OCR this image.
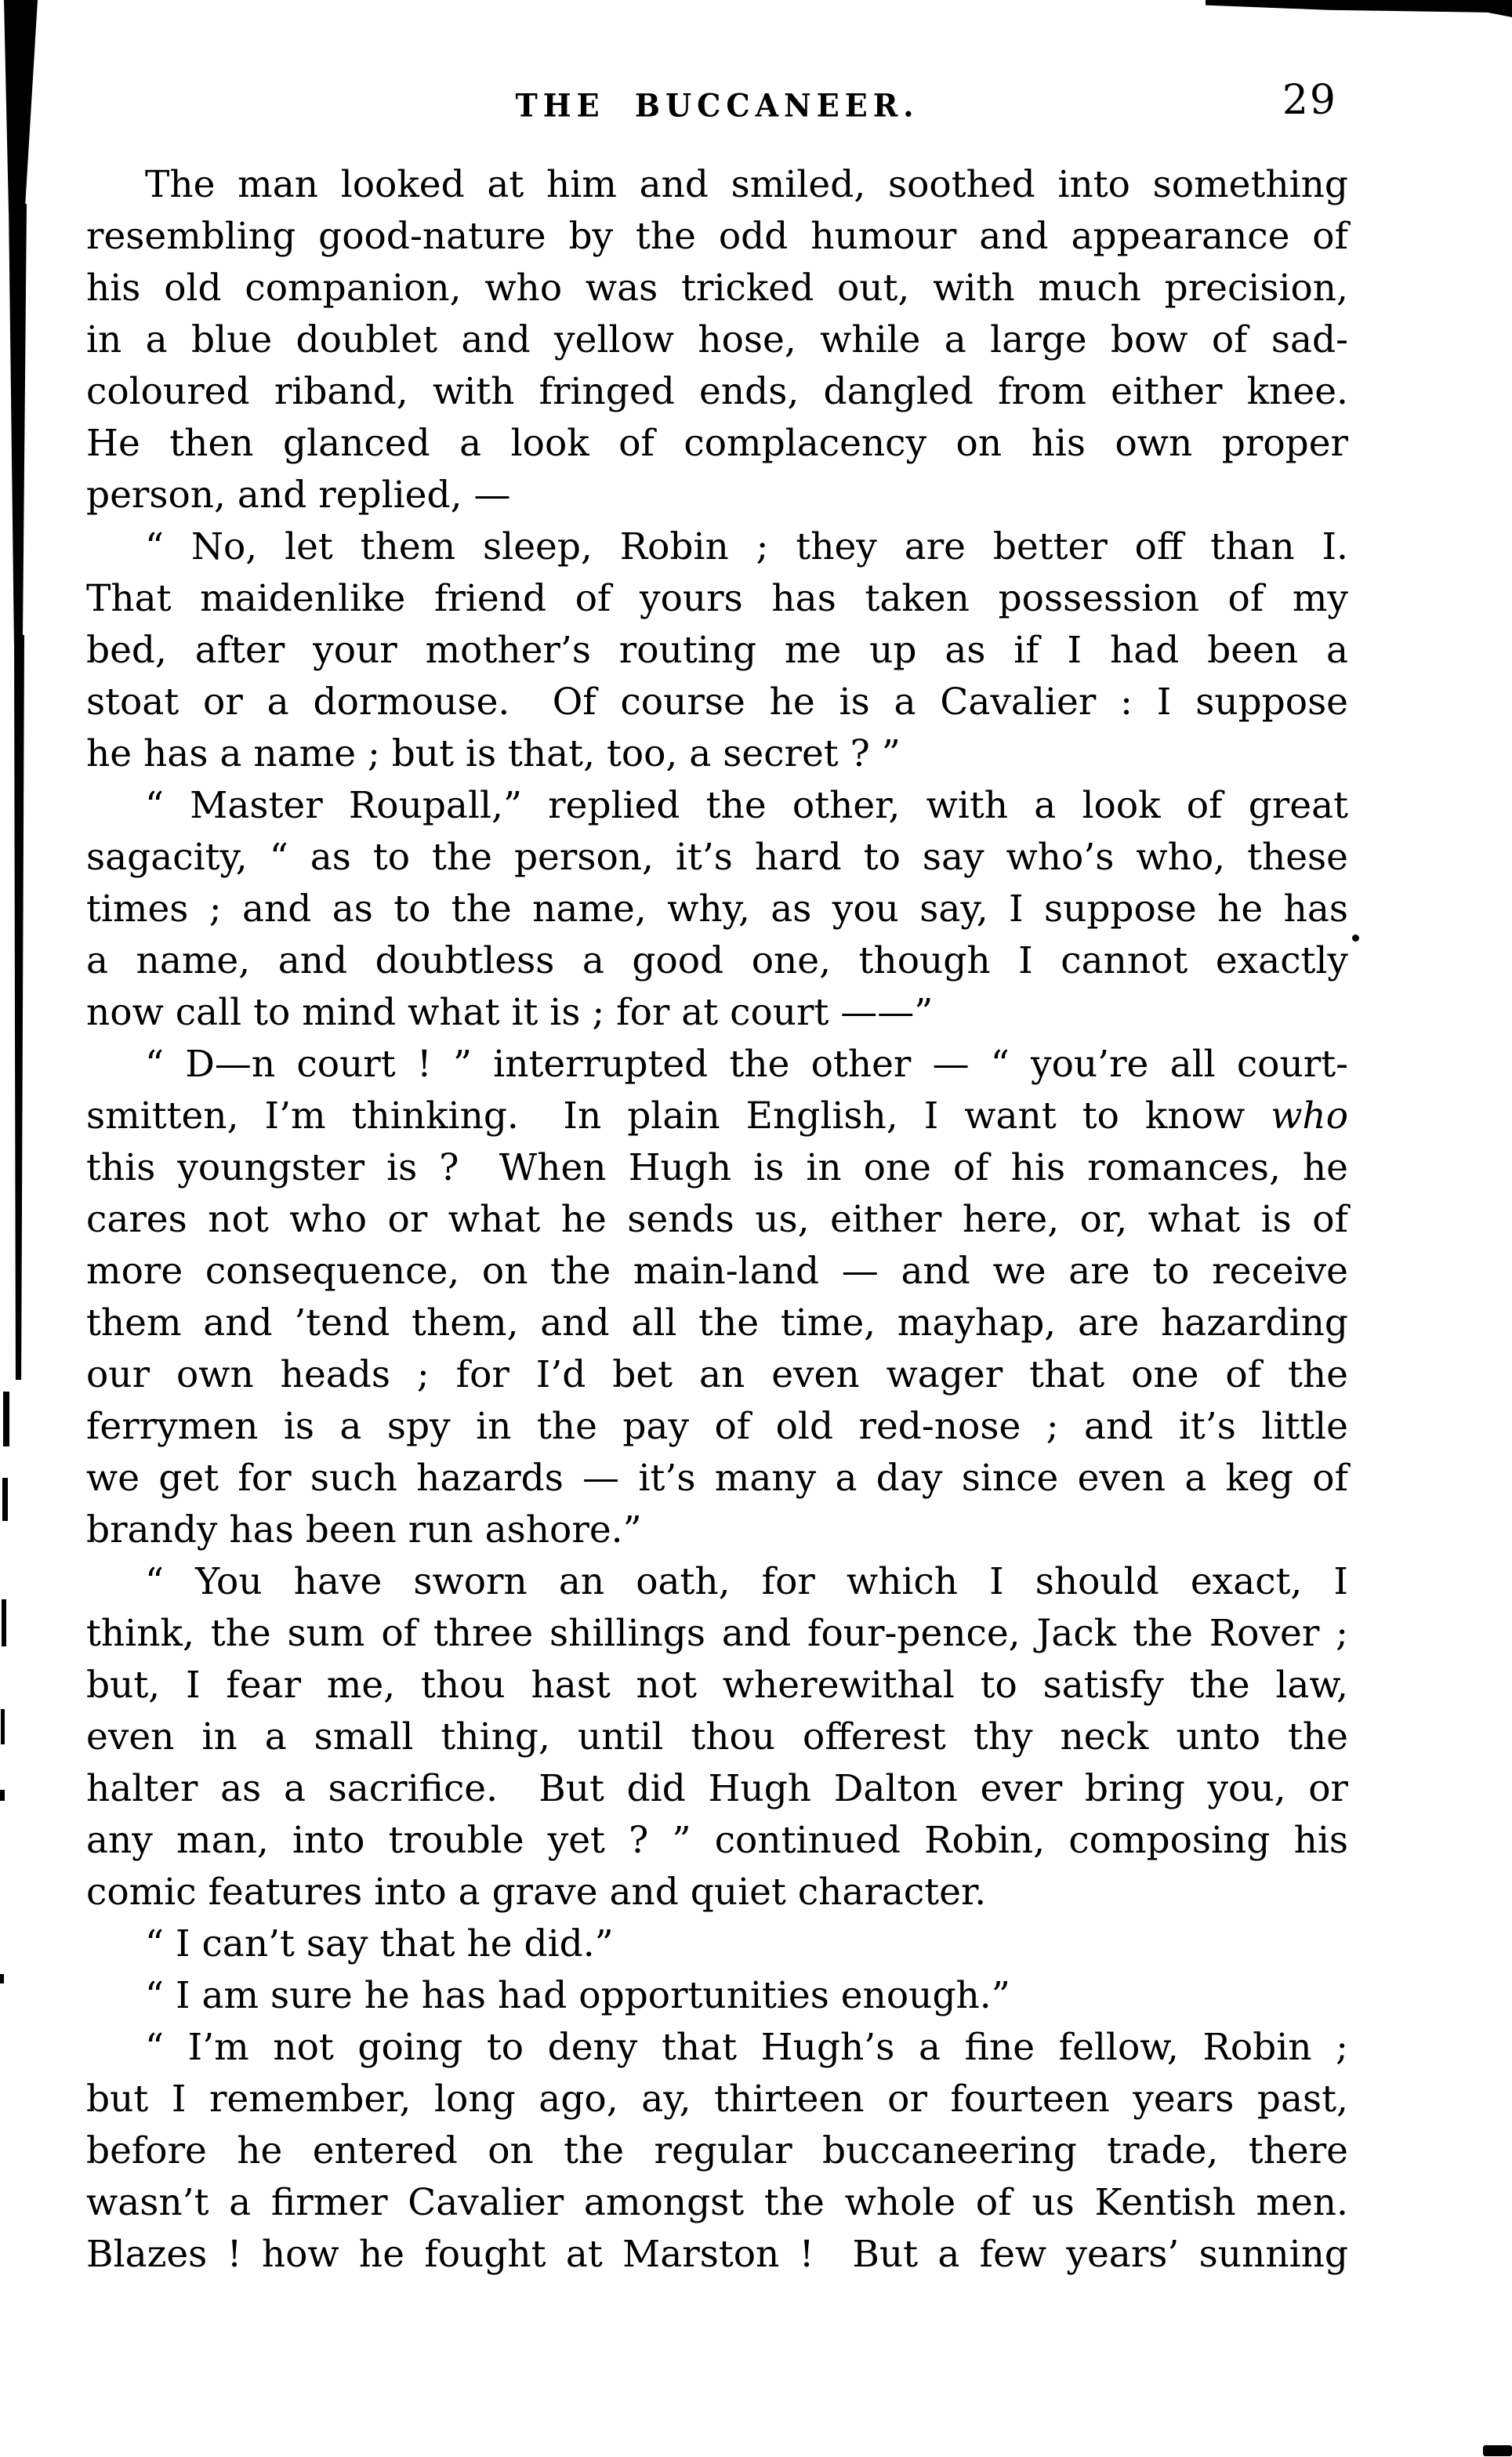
THE BUCCANEER.	29
The man looked at him and smiled, soothed into something
resembling good-nature by the odd humour and appearance of
his old companion, who was tricked out, with much precision,
in a blue doublet and yellow hose, while a large bow of sad-
coloured riband, with fringed ends, dangled from either knee.
He then glanced a look of complacency on his own proper
person, and replied, —
“ No, let them sleep, Robin ; they are better off than I.
That maidenlike friend of yours has taken possession of my
bed, after your mother’s routing me up as if I had been a
stoat or a dormouse.  Of course he is a Cavalier : I suppose
he has a name ; but is that, too, a secret ? ”
“ Master Roupall,” replied the other, with a look of great
sagacity, “ as to the person, it’s hard to say who’s who, these
times ; and as to the name, why, as you say, I suppose he has
a name, and doubtless a good one, though I cannot exactly
now call to mind what it is ; for at court ——”
“ D—n court ! ” interrupted the other — “ you’re all court-
smitten, I’m thinking.  In plain English, I want to know who
this youngster is ?  When Hugh is in one of his romances, he
cares not who or what he sends us, either here, or, what is of
more consequence, on the main-land — and we are to receive
them and ’tend them, and all the time, mayhap, are hazarding
our own heads ; for I’d bet an even wager that one of the
ferrymen is a spy in the pay of old red-nose ; and it’s little
we get for such hazards — it’s many a day since even a keg of
brandy has been run ashore.”
“ You have sworn an oath, for which I should exact, I
think, the sum of three shillings and four-pence, Jack the Rover ;
but, I fear me, thou hast not wherewithal to satisfy the law,
even in a small thing, until thou offerest thy neck unto the
halter as a sacrifice.  But did Hugh Dalton ever bring you, or
any man, into trouble yet ? ” continued Robin, composing his
comic features into a grave and quiet character.
“ I can’t say that he did.”
“ I am sure he has had opportunities enough.”
“ I’m not going to deny that Hugh’s a fine fellow, Robin ;
but I remember, long ago, ay, thirteen or fourteen years past,
before he entered on the regular buccaneering trade, there
wasn’t a firmer Cavalier amongst the whole of us Kentish men.
Blazes ! how he fought at Marston !  But a few years’ sunning
